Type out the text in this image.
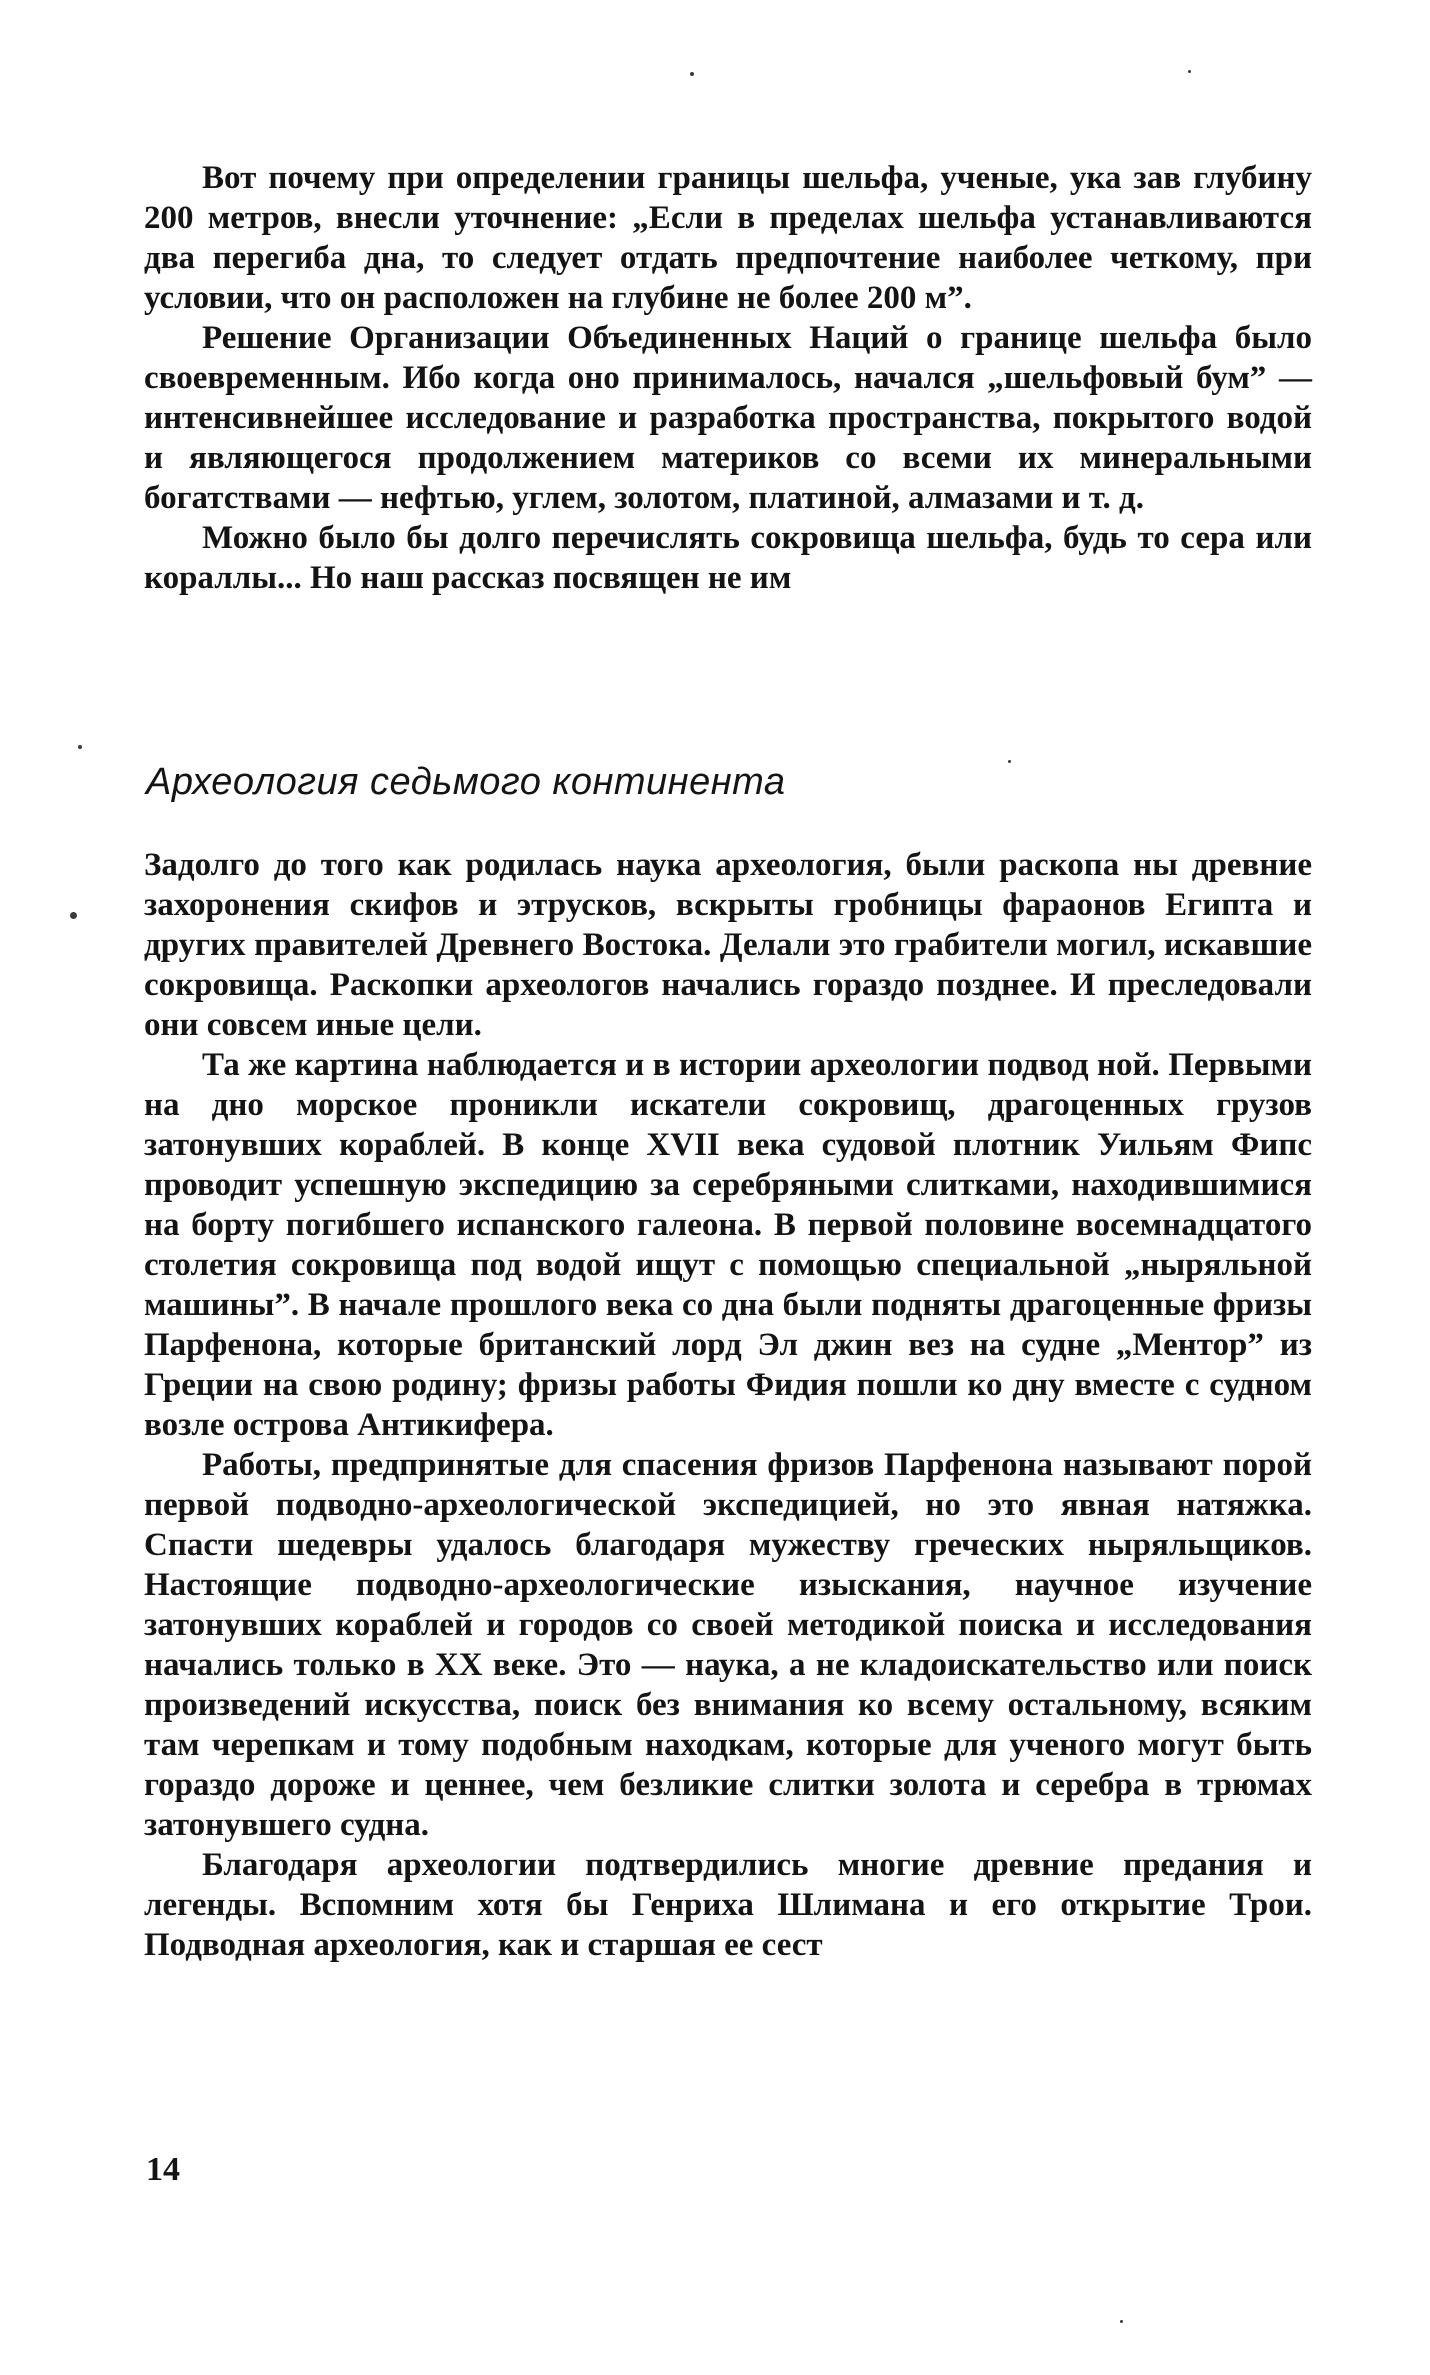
Вот почему при определении границы шельфа, ученые, ука зав глубину 200 метров, внесли уточнение: „Если в пределах шельфа устанавливаются два перегиба дна, то следует отдать предпочтение наиболее четкому, при условии, что он расположен на глубине не более 200 м”.

Решение Организации Объединенных Наций о границе шельфа было своевременным. Ибо когда оно принималось, начался „шельфовый бум” — интенсивнейшее исследование и разработка пространства, покрытого водой и являющегося продолжением материков со всеми их минеральными богатствами — нефтью, углем, золотом, платиной, алмазами и т. д.

Можно было бы долго перечислять сокровища шельфа, будь то сера или кораллы... Но наш рассказ посвящен не им

Археология седьмого континента

Задолго до того как родилась наука археология, были раскопа ны древние захоронения скифов и этрусков, вскрыты гробницы фараонов Египта и других правителей Древнего Востока. Делали это грабители могил, искавшие сокровища. Раскопки археологов начались гораздо позднее. И преследовали они совсем иные цели.

Та же картина наблюдается и в истории археологии подвод ной. Первыми на дно морское проникли искатели сокровищ, драгоценных грузов затонувших кораблей. В конце XVII века судовой плотник Уильям Фипс проводит успешную экспедицию за серебряными слитками, находившимися на борту погибшего испанского галеона. В первой половине восемнадцатого столетия сокровища под водой ищут с помощью специальной „ныряльной машины”. В начале прошлого века со дна были подняты драгоценные фризы Парфенона, которые британский лорд Эл джин вез на судне „Ментор” из Греции на свою родину; фризы работы Фидия пошли ко дну вместе с судном возле острова Антикифера.

Работы, предпринятые для спасения фризов Парфенона называют порой первой подводно-археологической экспедицией, но это явная натяжка. Спасти шедевры удалось благодаря мужеству греческих ныряльщиков. Настоящие подводно-археологические изыскания, научное изучение затонувших кораблей и городов со своей методикой поиска и исследования начались только в XX веке. Это — наука, а не кладоискательство или поиск произведений искусства, поиск без внимания ко всему остальному, всяким там черепкам и тому подобным находкам, которые для ученого могут быть гораздо дороже и ценнее, чем безликие слитки золота и серебра в трюмах затонувшего судна.

Благодаря археологии подтвердились многие древние предания и легенды. Вспомним хотя бы Генриха Шлимана и его открытие Трои. Подводная археология, как и старшая ее сест

14
